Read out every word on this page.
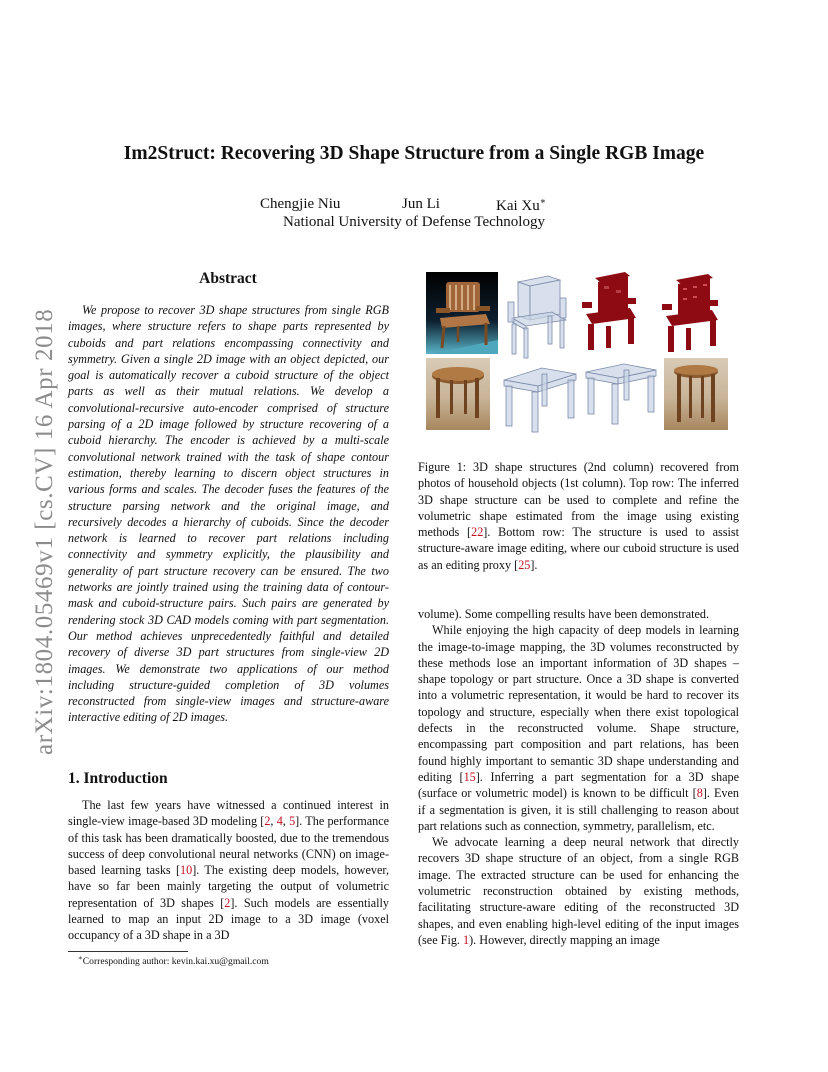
arXiv:1804.05469v1 [cs.CV] 16 Apr 2018
Im2Struct: Recovering 3D Shape Structure from a Single RGB Image
Chengjie Niu	Jun Li	Kai Xu∗
National University of Defense Technology
Abstract

We propose to recover 3D shape structures from single RGB images, where structure refers to shape parts represented by cuboids and part relations encompassing connectivity and symmetry. Given a single 2D image with an object depicted, our goal is automatically recover a cuboid structure of the object parts as well as their mutual relations. We develop a convolutional-recursive auto-encoder comprised of structure parsing of a 2D image followed by structure recovering of a cuboid hierarchy. The encoder is achieved by a multi-scale convolutional network trained with the task of shape contour estimation, thereby learning to discern object structures in various forms and scales. The decoder fuses the features of the structure parsing network and the original image, and recursively decodes a hierarchy of cuboids. Since the decoder network is learned to recover part relations including connectivity and symmetry explicitly, the plausibility and generality of part structure recovery can be ensured. The two networks are jointly trained using the training data of contour-mask and cuboid-structure pairs. Such pairs are generated by rendering stock 3D CAD models coming with part segmentation. Our method achieves unprecedentedly faithful and detailed recovery of diverse 3D part structures from single-view 2D images. We demonstrate two applications of our method including structure-guided completion of 3D volumes reconstructed from single-view images and structure-aware interactive editing of 2D images.

1. Introduction

The last few years have witnessed a continued interest in single-view image-based 3D modeling [2, 4, 5]. The performance of this task has been dramatically boosted, due to the tremendous success of deep convolutional neural networks (CNN) on image-based learning tasks [10]. The existing deep models, however, have so far been mainly targeting the output of volumetric representation of 3D shapes [2]. Such models are essentially learned to map an input 2D image to a 3D image (voxel occupancy of a 3D shape in a 3D

∗Corresponding author: kevin.kai.xu@gmail.com
Figure 1: 3D shape structures (2nd column) recovered from photos of household objects (1st column). Top row: The inferred 3D shape structure can be used to complete and refine the volumetric shape estimated from the image using existing methods [22]. Bottom row: The structure is used to assist structure-aware image editing, where our cuboid structure is used as an editing proxy [25].

volume). Some compelling results have been demonstrated.

While enjoying the high capacity of deep models in learning the image-to-image mapping, the 3D volumes reconstructed by these methods lose an important information of 3D shapes – shape topology or part structure. Once a 3D shape is converted into a volumetric representation, it would be hard to recover its topology and structure, especially when there exist topological defects in the reconstructed volume. Shape structure, encompassing part composition and part relations, has been found highly important to semantic 3D shape understanding and editing [15]. Inferring a part segmentation for a 3D shape (surface or volumetric model) is known to be difficult [8]. Even if a segmentation is given, it is still challenging to reason about part relations such as connection, symmetry, parallelism, etc.

We advocate learning a deep neural network that directly recovers 3D shape structure of an object, from a single RGB image. The extracted structure can be used for enhancing the volumetric reconstruction obtained by existing methods, facilitating structure-aware editing of the reconstructed 3D shapes, and even enabling high-level editing of the input images (see Fig. 1). However, directly mapping an image
